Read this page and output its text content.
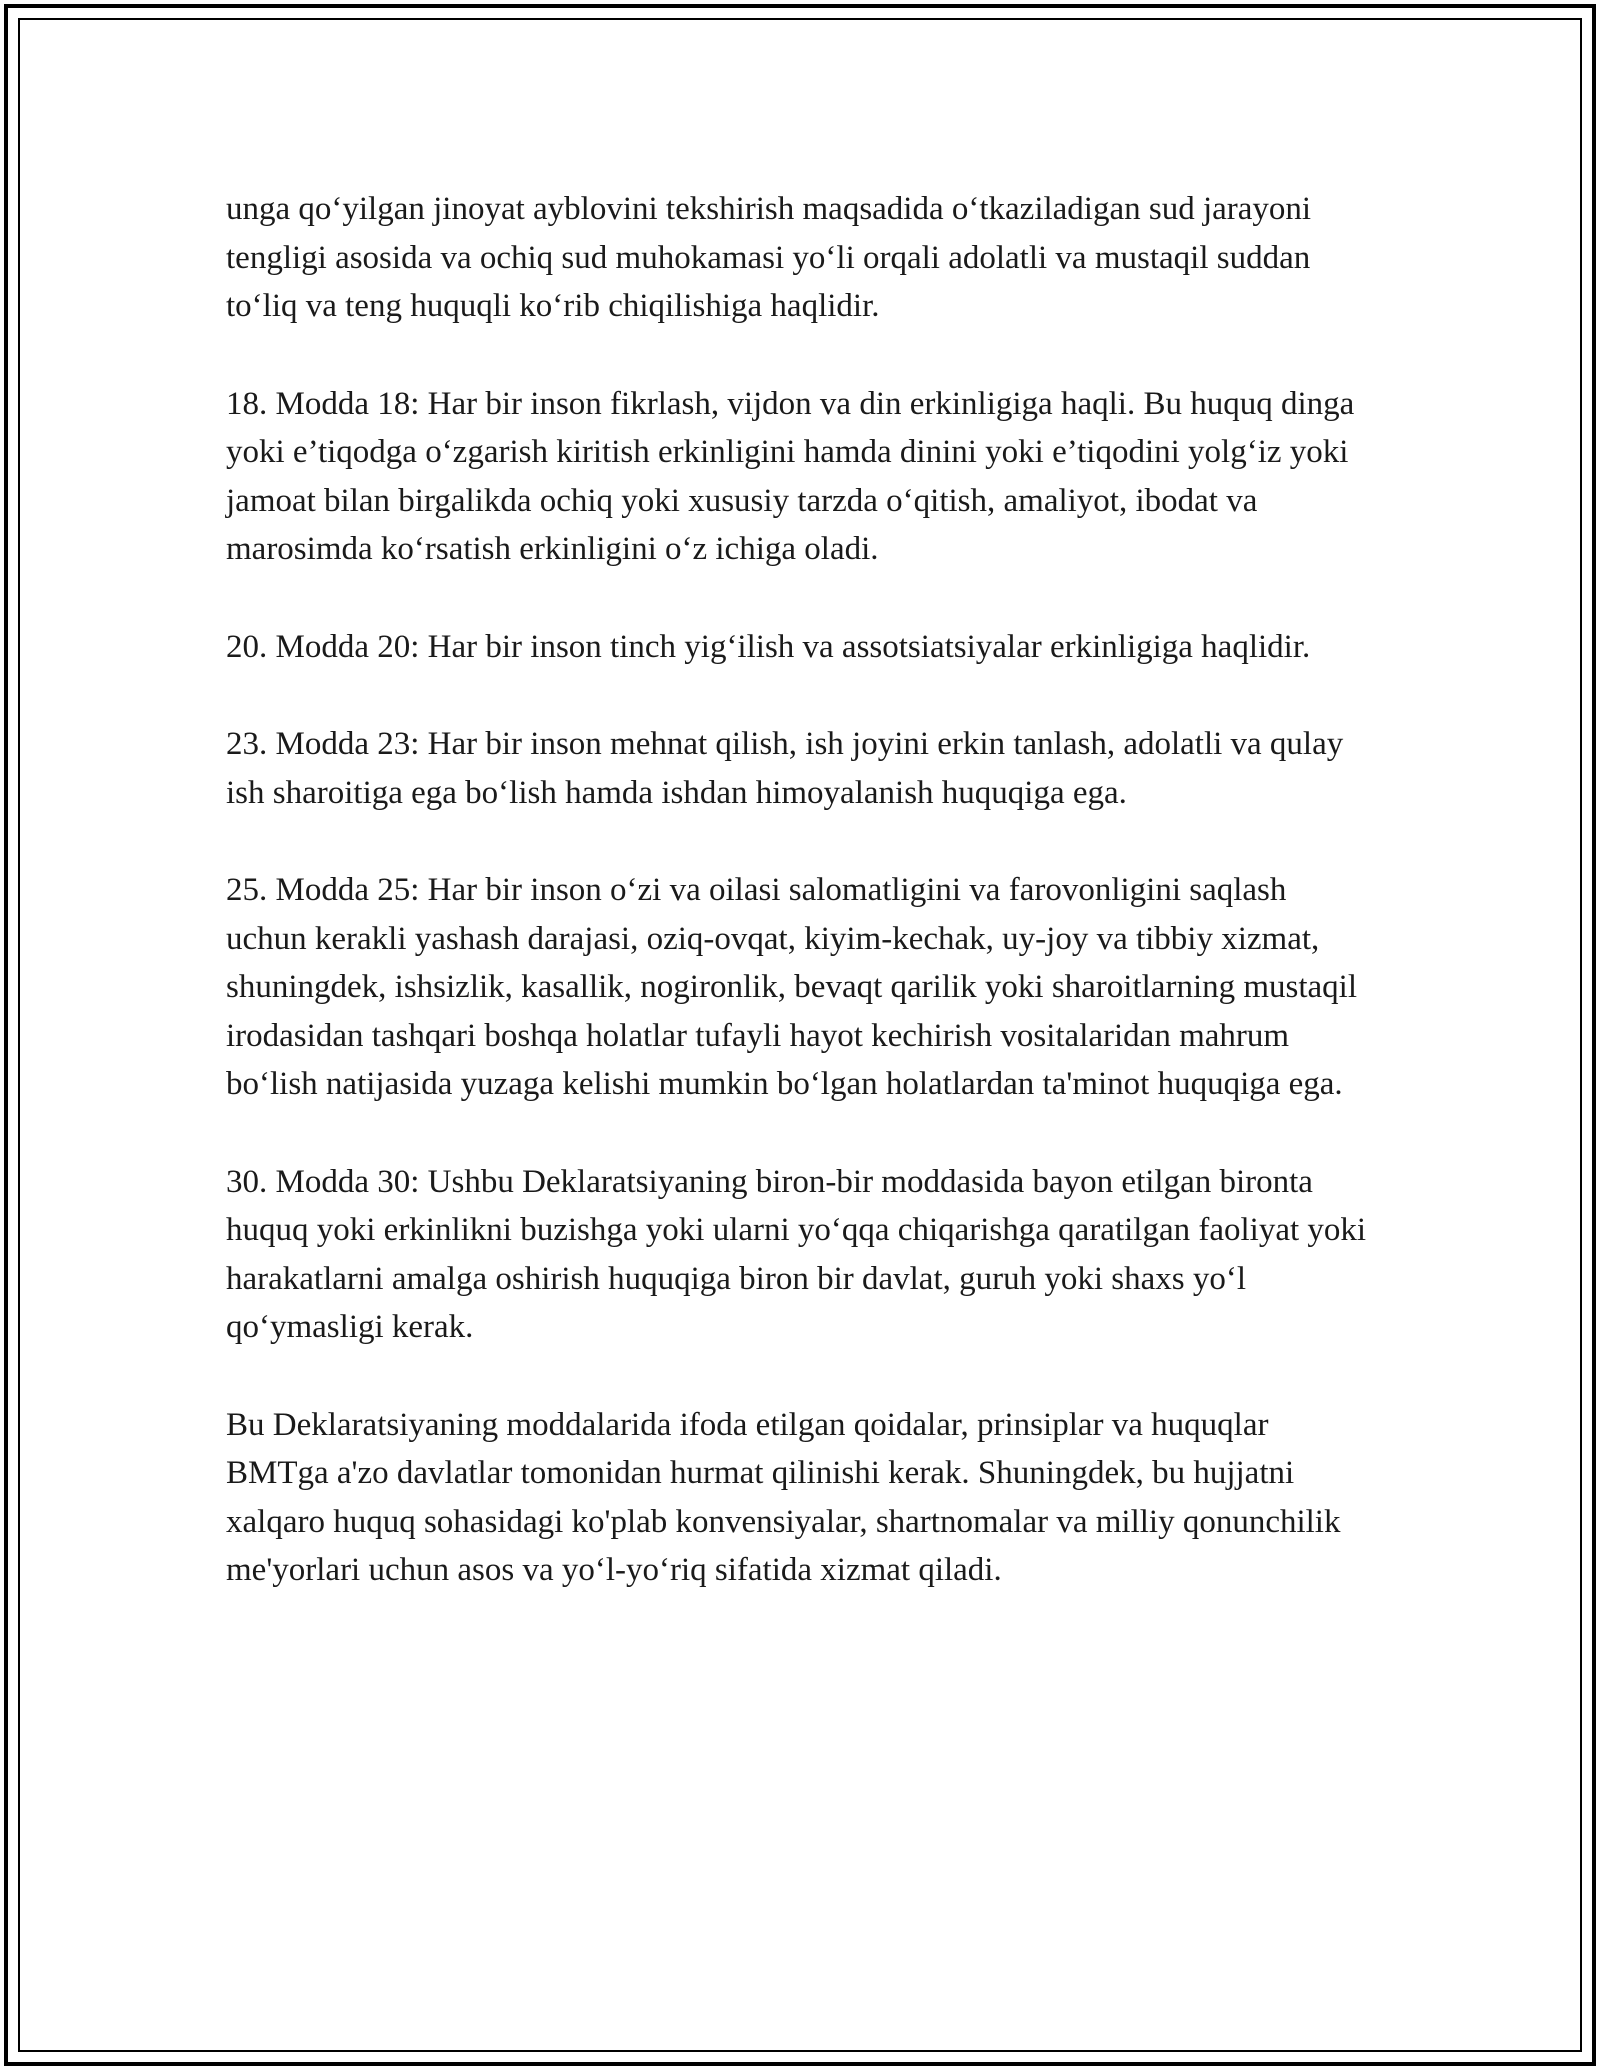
unga qo‘yilgan jinoyat ayblovini tekshirish maqsadida o‘tkaziladigan sud jarayoni tengligi asosida va ochiq sud muhokamasi yo‘li orqali adolatli va mustaqil suddan to‘liq va teng huquqli ko‘rib chiqilishiga haqlidir.

18. Modda 18: Har bir inson fikrlash, vijdon va din erkinligiga haqli. Bu huquq dinga yoki e’tiqodga o‘zgarish kiritish erkinligini hamda dinini yoki e’tiqodini yolg‘iz yoki jamoat bilan birgalikda ochiq yoki xususiy tarzda o‘qitish, amaliyot, ibodat va marosimda ko‘rsatish erkinligini o‘z ichiga oladi.

20. Modda 20: Har bir inson tinch yig‘ilish va assotsiatsiyalar erkinligiga haqlidir.

23. Modda 23: Har bir inson mehnat qilish, ish joyini erkin tanlash, adolatli va qulay ish sharoitiga ega bo‘lish hamda ishdan himoyalanish huquqiga ega.

25. Modda 25: Har bir inson o‘zi va oilasi salomatligini va farovonligini saqlash uchun kerakli yashash darajasi, oziq-ovqat, kiyim-kechak, uy-joy va tibbiy xizmat, shuningdek, ishsizlik, kasallik, nogironlik, bevaqt qarilik yoki sharoitlarning mustaqil irodasidan tashqari boshqa holatlar tufayli hayot kechirish vositalaridan mahrum bo‘lish natijasida yuzaga kelishi mumkin bo‘lgan holatlardan ta'minot huquqiga ega.

30. Modda 30: Ushbu Deklaratsiyaning biron-bir moddasida bayon etilgan bironta huquq yoki erkinlikni buzishga yoki ularni yo‘qqa chiqarishga qaratilgan faoliyat yoki harakatlarni amalga oshirish huquqiga biron bir davlat, guruh yoki shaxs yo‘l qo‘ymasligi kerak.

Bu Deklaratsiyaning moddalarida ifoda etilgan qoidalar, prinsiplar va huquqlar BMTga a'zo davlatlar tomonidan hurmat qilinishi kerak. Shuningdek, bu hujjatni xalqaro huquq sohasidagi ko'plab konvensiyalar, shartnomalar va milliy qonunchilik me'yorlari uchun asos va yo‘l-yo‘riq sifatida xizmat qiladi.
